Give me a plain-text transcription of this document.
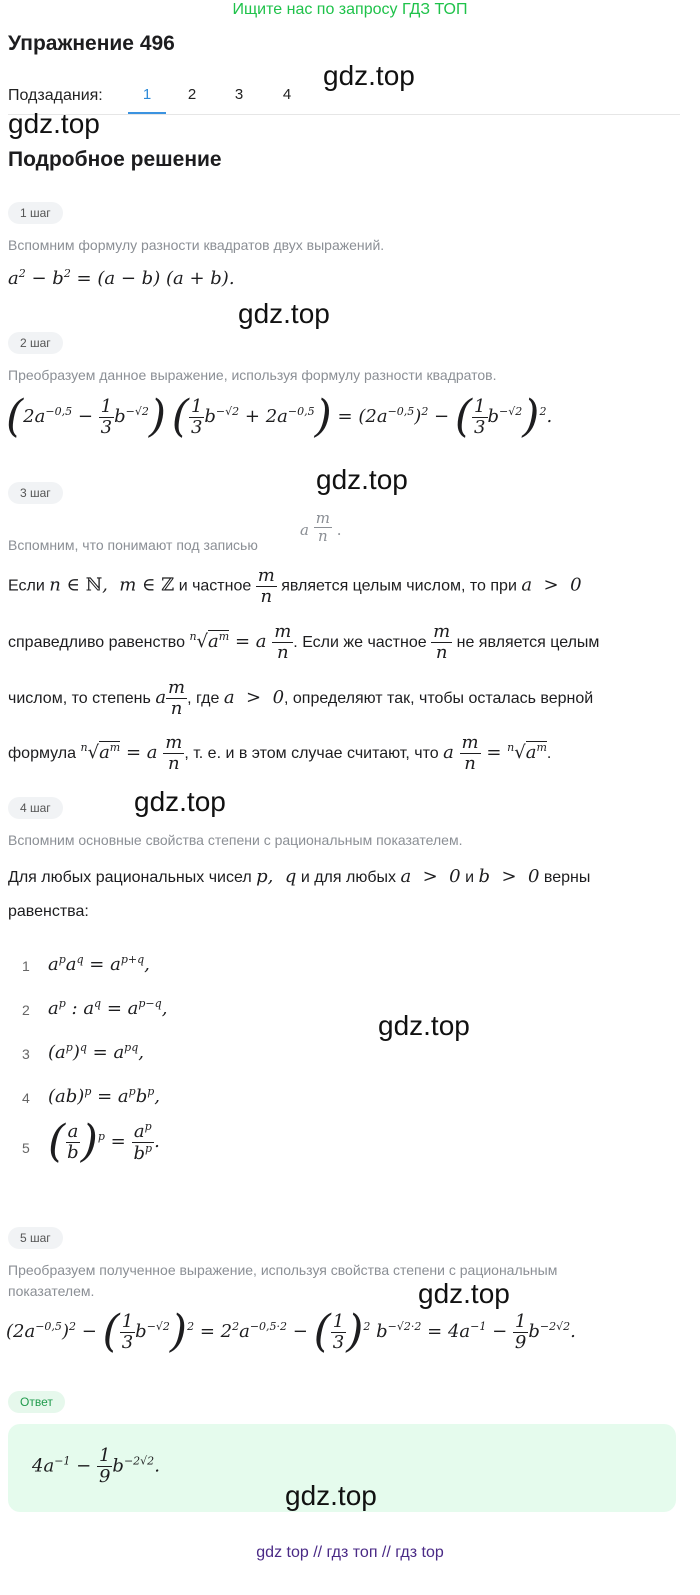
Ищите нас по запросу ГДЗ ТОП
Упражнение 496
Подзадания:	1	2	3	4
gdz.top
gdz.top
Подробное решение
1 шаг
Вспомним формулу разности квадратов двух выражений.
$a^2 - b^2 = (a - b) (a + b)$.
gdz.top
2 шаг
Преобразуем данное выражение, используя формулу разности квадратов.
$(2a^{-0,5} - \frac{1}{3} b^{-√2})$ ( $\frac{1}{3} b^{-√2} + 2a^{-0,5}) = (2a^{-0,5})^2$ − ( $\frac{1}{3} b^{-√2})^2$.
gdz.top
3 шаг
Вспомним, что понимают под записью
a $\frac{m}{n}$ .
Если n ∈ ℕ,  m ∈ ℤ и частное $\frac{m}{n}$ является целым числом, то при a  > 0
справедливо равенство $^n√a^m = a \frac{m}{n}$ . Если же частное $\frac{m}{n}$ не является целым
числом, то степень a $\frac{m}{n}$ , где a  > 0, определяют так, чтобы осталась верной
формула $^n√a^m = a \frac{m}{n}$ , т. е. и в этом случае считают, что a $\frac{m}{n} = ^n√a^m$.
gdz.top
4 шаг
Вспомним основные свойства степени с рациональным показателем.
Для любых рациональных чисел p,  q и для любых a  > 0 и b  > 0 верны
равенства:
1	$a^pa^q = a^{p+q}$,
2	$a^p$ : $a^q = a^{p-q}$,
3	$(a^p)^q = a^{pq}$,
4	$(ab)^p = a^pb^p$,
5 ( $\frac{a}{b} )^p = \frac{a^p}{b^p}$ .
gdz.top
5 шаг
Преобразуем полученное выражение, используя свойства степени с рациональным
показателем.	gdz.top
$(2a^{-0,5})^2$ − ( $\frac{1}{3} b^{-√2})^2 = 2^2a^{-0,5\cdot 2}$ − ( $\frac{1}{3} )^2$ $b^{-√2\cdot 2} = 4a^{-1} - \frac{1}{9} b^{-2√2}$.
Ответ
$4a^{-1} - \frac{1}{9} b^{-2√2}$.
gdz.top
gdz top // гдз топ // гдз top
